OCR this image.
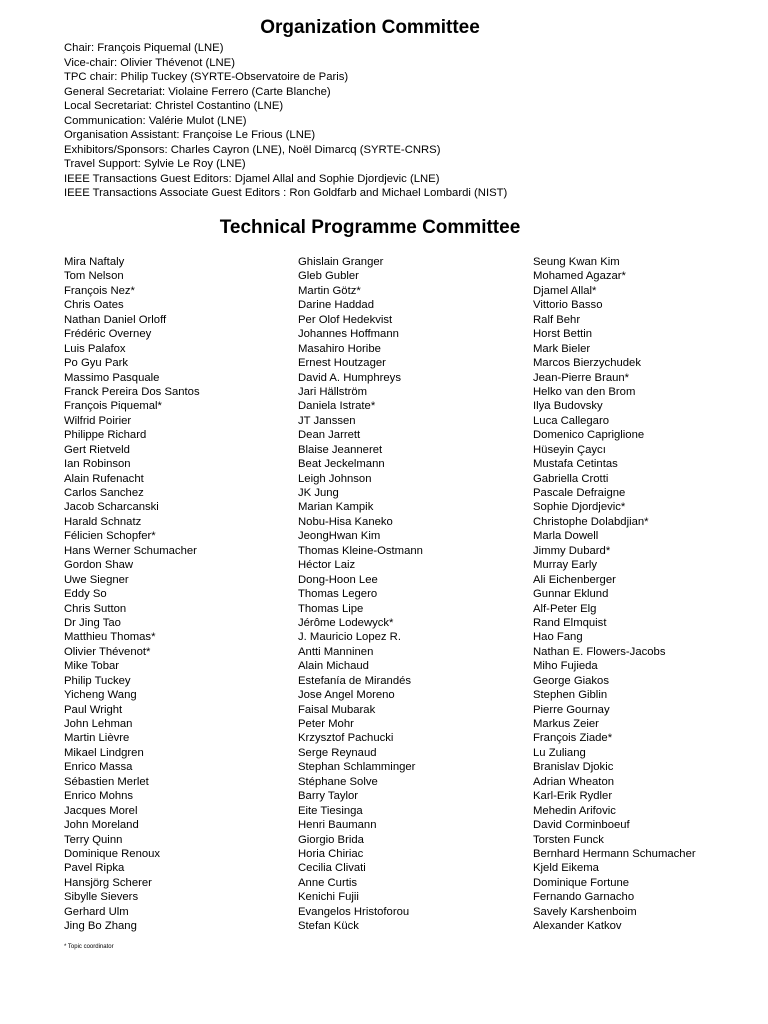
Organization Committee
Chair: François Piquemal (LNE)
Vice-chair: Olivier Thévenot (LNE)
TPC chair: Philip Tuckey (SYRTE-Observatoire de Paris)
General Secretariat: Violaine Ferrero (Carte Blanche)
Local Secretariat: Christel Costantino (LNE)
Communication: Valérie Mulot (LNE)
Organisation Assistant: Françoise Le Frious (LNE)
Exhibitors/Sponsors: Charles Cayron (LNE), Noël Dimarcq (SYRTE-CNRS)
Travel Support: Sylvie Le Roy (LNE)
IEEE Transactions Guest Editors: Djamel Allal and Sophie Djordjevic (LNE)
IEEE Transactions Associate Guest Editors : Ron Goldfarb and Michael Lombardi (NIST)
Technical Programme Committee
Mira Naftaly
Tom Nelson
François Nez*
Chris Oates
Nathan Daniel Orloff
Frédéric Overney
Luis Palafox
Po Gyu Park
Massimo Pasquale
Franck Pereira Dos Santos
François Piquemal*
Wilfrid Poirier
Philippe Richard
Gert Rietveld
Ian Robinson
Alain Rufenacht
Carlos Sanchez
Jacob Scharcanski
Harald Schnatz
Félicien Schopfer*
Hans Werner Schumacher
Gordon Shaw
Uwe Siegner
Eddy So
Chris Sutton
Dr Jing Tao
Matthieu Thomas*
Olivier Thévenot*
Mike Tobar
Philip Tuckey
Yicheng Wang
Paul Wright
John Lehman
Martin Lièvre
Mikael Lindgren
Enrico Massa
Sébastien Merlet
Enrico Mohns
Jacques Morel
John Moreland
Terry Quinn
Dominique Renoux
Pavel Ripka
Hansjörg Scherer
Sibylle Sievers
Gerhard Ulm
Jing Bo Zhang
Ghislain Granger
Gleb Gubler
Martin Götz*
Darine Haddad
Per Olof Hedekvist
Johannes Hoffmann
Masahiro Horibe
Ernest Houtzager
David A. Humphreys
Jari Hällström
Daniela Istrate*
JT Janssen
Dean Jarrett
Blaise Jeanneret
Beat Jeckelmann
Leigh Johnson
JK Jung
Marian Kampik
Nobu-Hisa Kaneko
JeongHwan Kim
Thomas Kleine-Ostmann
Héctor Laiz
Dong-Hoon Lee
Thomas Legero
Thomas Lipe
Jérôme Lodewyck*
J. Mauricio Lopez R.
Antti Manninen
Alain Michaud
Estefanía de Mirandés
Jose Angel Moreno
Faisal Mubarak
Peter Mohr
Krzysztof Pachucki
Serge Reynaud
Stephan Schlamminger
Stéphane Solve
Barry Taylor
Eite Tiesinga
Henri Baumann
Giorgio Brida
Horia Chiriac
Cecilia Clivati
Anne Curtis
Kenichi Fujii
Evangelos Hristoforou
Stefan Kück
Seung Kwan Kim
Mohamed Agazar*
Djamel Allal*
Vittorio Basso
Ralf Behr
Horst Bettin
Mark Bieler
Marcos Bierzychudek
Jean-Pierre Braun*
Helko van den Brom
Ilya Budovsky
Luca Callegaro
Domenico Capriglione
Hüseyin Çaycı
Mustafa Cetintas
Gabriella Crotti
Pascale Defraigne
Sophie Djordjevic*
Christophe Dolabdjian*
Marla Dowell
Jimmy Dubard*
Murray Early
Ali Eichenberger
Gunnar Eklund
Alf-Peter Elg
Rand Elmquist
Hao Fang
Nathan E. Flowers-Jacobs
Miho Fujieda
George Giakos
Stephen Giblin
Pierre Gournay
Markus Zeier
François Ziade*
Lu Zuliang
Branislav Djokic
Adrian Wheaton
Karl-Erik Rydler
Mehedin Arifovic
David Corminboeuf
Torsten Funck
Bernhard Hermann Schumacher
Kjeld Eikema
Dominique Fortune
Fernando Garnacho
Savely Karshenboim
Alexander Katkov
* Topic coordinator
